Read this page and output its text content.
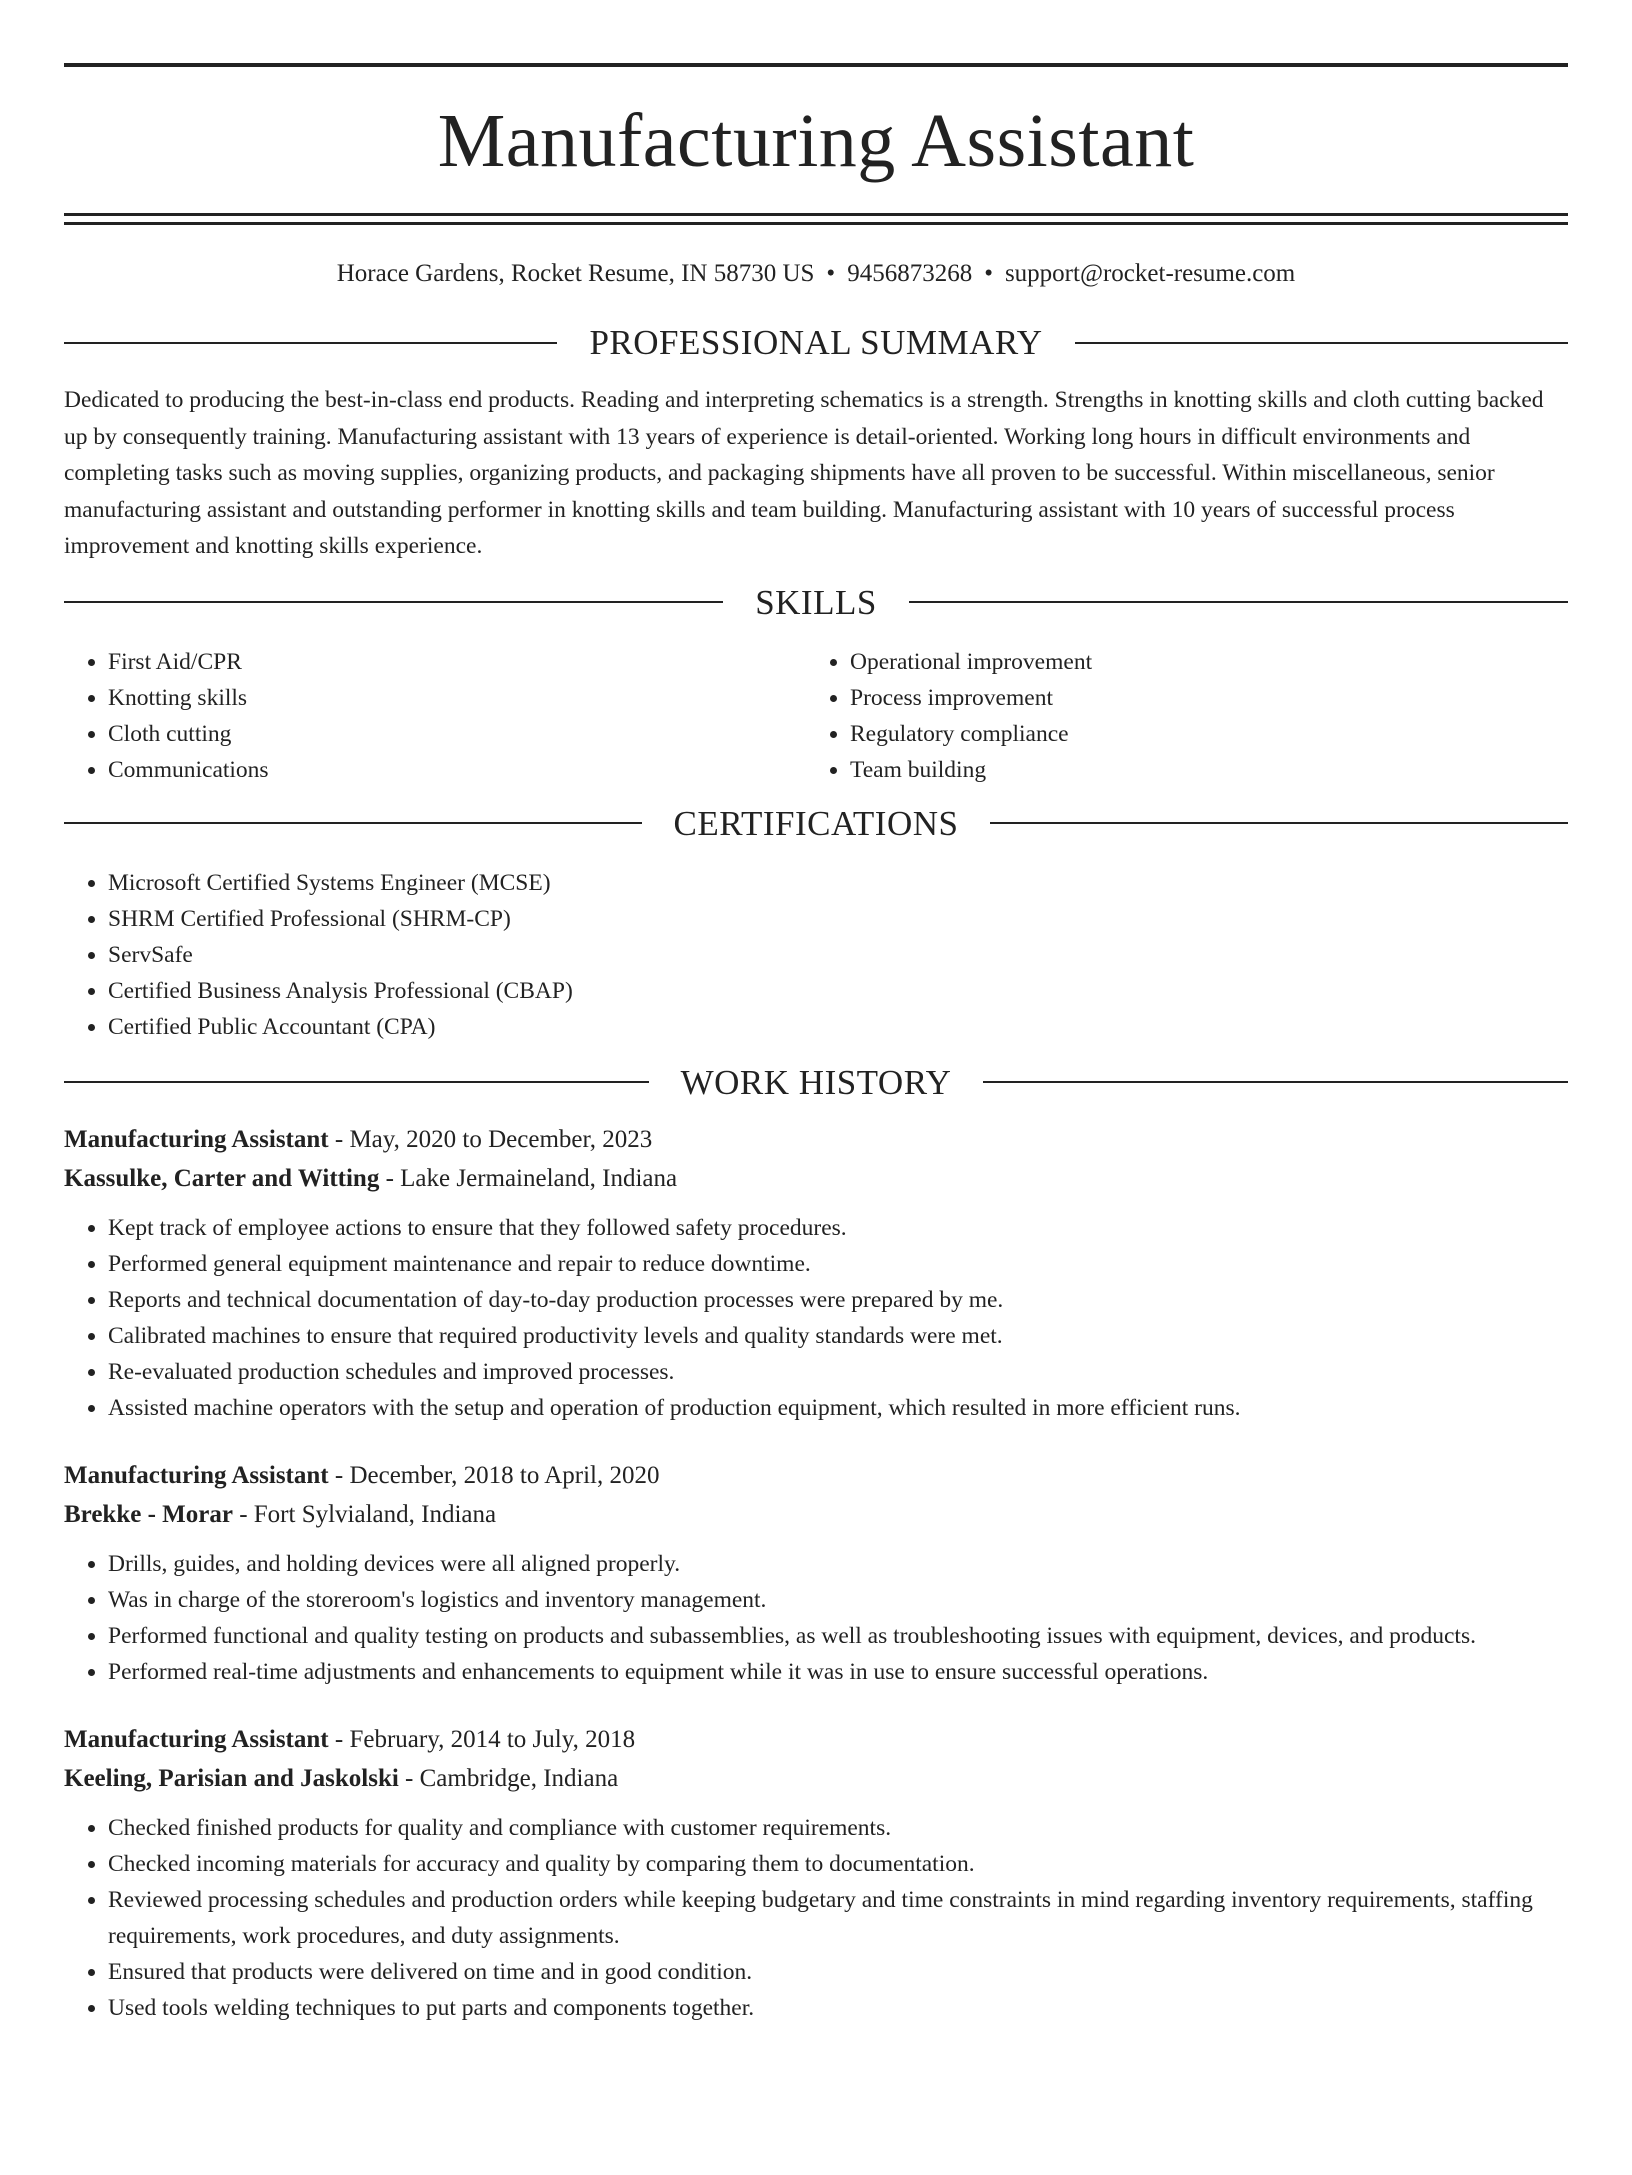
Manufacturing Assistant
Horace Gardens, Rocket Resume, IN 58730 US • 9456873268 • support@rocket-resume.com
PROFESSIONAL SUMMARY

Dedicated to producing the best-in-class end products. Reading and interpreting schematics is a strength. Strengths in knotting skills and cloth cutting backed up by consequently training. Manufacturing assistant with 13 years of experience is detail-oriented. Working long hours in difficult environments and completing tasks such as moving supplies, organizing products, and packaging shipments have all proven to be successful. Within miscellaneous, senior manufacturing assistant and outstanding performer in knotting skills and team building. Manufacturing assistant with 10 years of successful process improvement and knotting skills experience.

SKILLS
• First Aid/CPR
• Knotting skills
• Cloth cutting
• Communications
• Operational improvement
• Process improvement
• Regulatory compliance
• Team building
CERTIFICATIONS
• Microsoft Certified Systems Engineer (MCSE)
• SHRM Certified Professional (SHRM-CP)
• ServSafe
• Certified Business Analysis Professional (CBAP)
• Certified Public Accountant (CPA)
WORK HISTORY
Manufacturing Assistant - May, 2020 to December, 2023
Kassulke, Carter and Witting - Lake Jermaineland, Indiana
• Kept track of employee actions to ensure that they followed safety procedures.
• Performed general equipment maintenance and repair to reduce downtime.
• Reports and technical documentation of day-to-day production processes were prepared by me.
• Calibrated machines to ensure that required productivity levels and quality standards were met.
• Re-evaluated production schedules and improved processes.
• Assisted machine operators with the setup and operation of production equipment, which resulted in more efficient runs.
Manufacturing Assistant - December, 2018 to April, 2020
Brekke - Morar - Fort Sylvialand, Indiana
• Drills, guides, and holding devices were all aligned properly.
• Was in charge of the storeroom's logistics and inventory management.
• Performed functional and quality testing on products and subassemblies, as well as troubleshooting issues with equipment, devices, and products.
• Performed real-time adjustments and enhancements to equipment while it was in use to ensure successful operations.
Manufacturing Assistant - February, 2014 to July, 2018
Keeling, Parisian and Jaskolski - Cambridge, Indiana
• Checked finished products for quality and compliance with customer requirements.
• Checked incoming materials for accuracy and quality by comparing them to documentation.
• Reviewed processing schedules and production orders while keeping budgetary and time constraints in mind regarding inventory requirements, staffing requirements, work procedures, and duty assignments.
• Ensured that products were delivered on time and in good condition.
• Used tools welding techniques to put parts and components together.
